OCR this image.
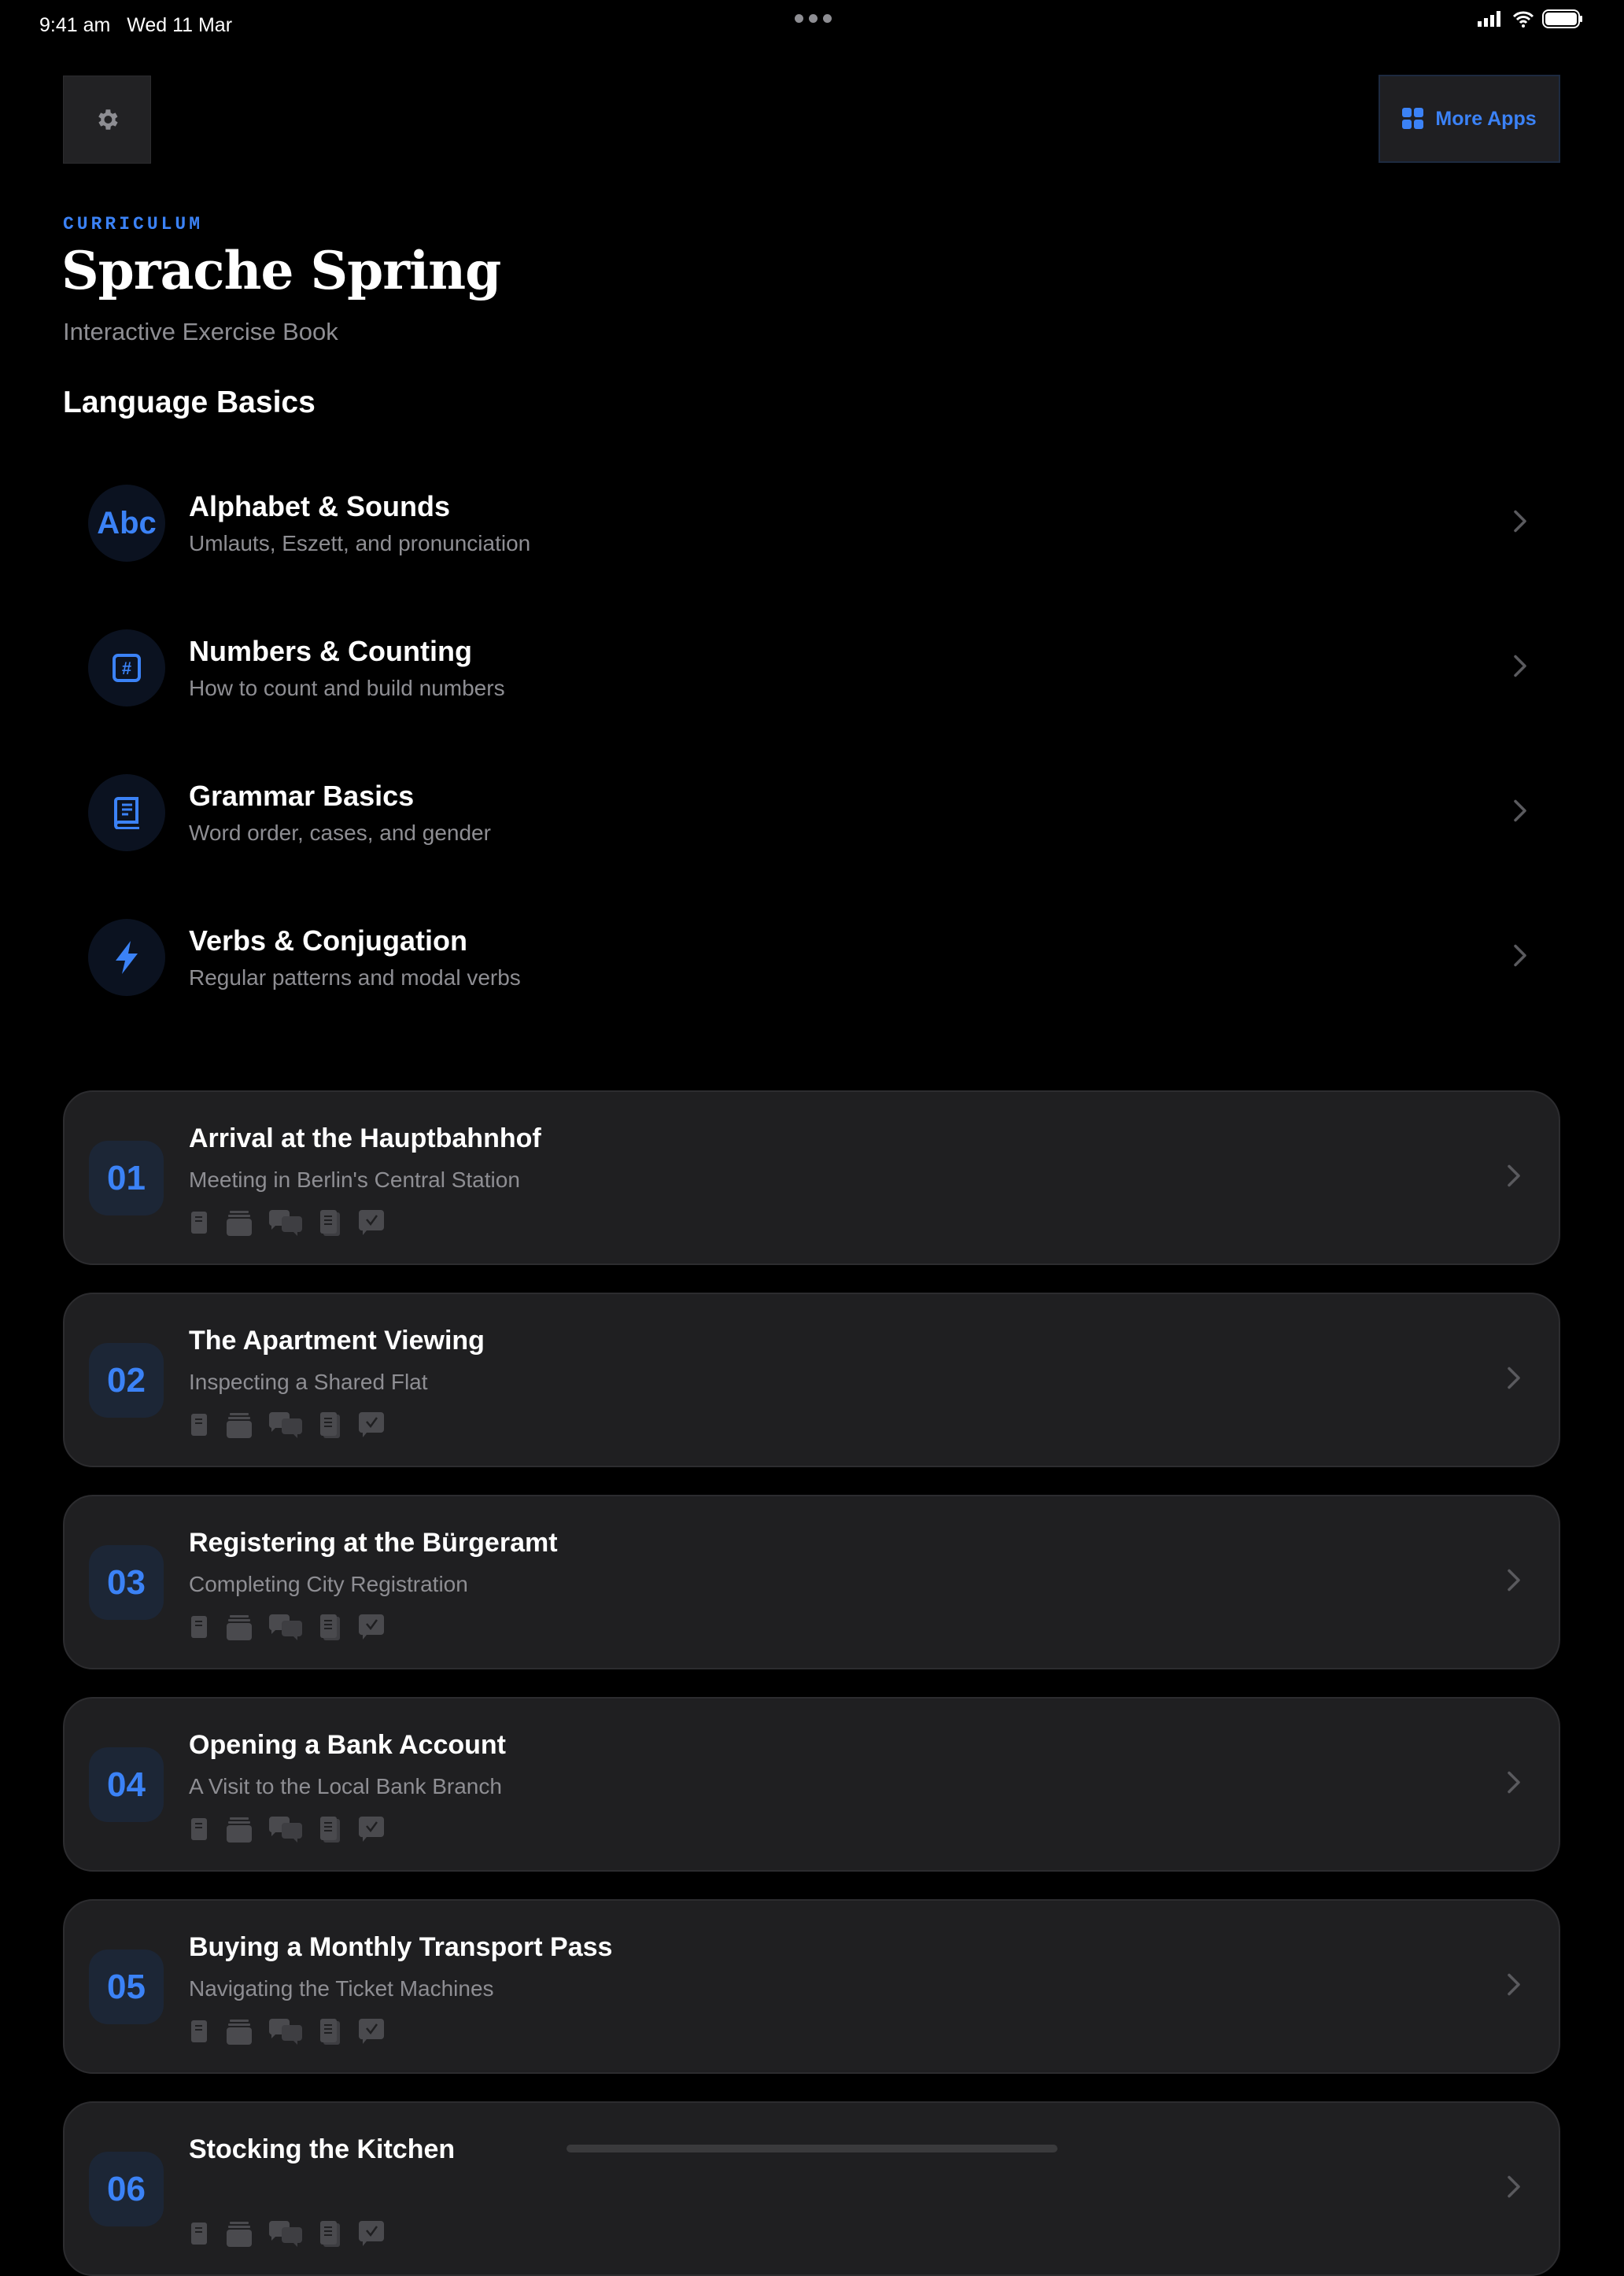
9:41 am Wed 11 Mar
More Apps
CURRICULUM
Sprache Spring
Interactive Exercise Book
Language Basics
Abc Alphabet & Sounds
Umlauts, Eszett, and pronunciation
#
Numbers & Counting
How to count and build numbers
Grammar Basics
Word order, cases, and gender
Verbs & Conjugation
Regular patterns and modal verbs
01
Arrival at the Hauptbahnhof
Meeting in Berlin's Central Station
02
The Apartment Viewing
Inspecting a Shared Flat
03
Registering at the Bürgeramt
Completing City Registration
04
Opening a Bank Account
A Visit to the Local Bank Branch
05
Buying a Monthly Transport Pass
Navigating the Ticket Machines
06
Stocking the Kitchen
